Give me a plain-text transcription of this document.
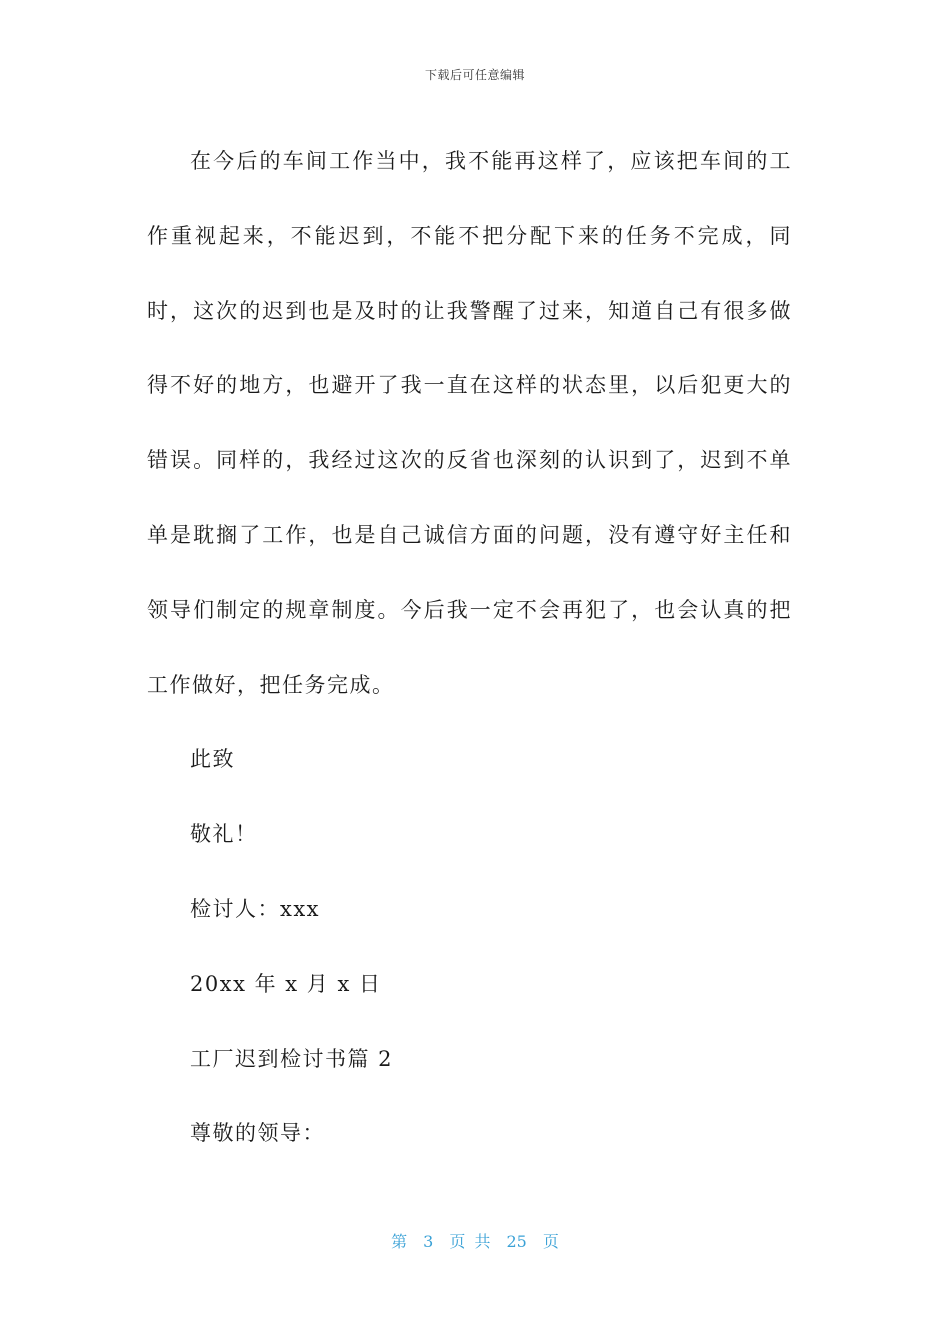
下载后可任意编辑

在今后的车间工作当中，我不能再这样了，应该把车间的工作重视起来，不能迟到，不能不把分配下来的任务不完成，同时，这次的迟到也是及时的让我警醒了过来，知道自己有很多做得不好的地方，也避开了我一直在这样的状态里，以后犯更大的错误。同样的，我经过这次的反省也深刻的认识到了，迟到不单单是耽搁了工作，也是自己诚信方面的问题，没有遵守好主任和领导们制定的规章制度。今后我一定不会再犯了，也会认真的把工作做好，把任务完成。

此致

敬礼！

检讨人：xxx

20xx 年 x 月 x 日

工厂迟到检讨书篇 2

尊敬的领导：

第 3 页 共 25 页
